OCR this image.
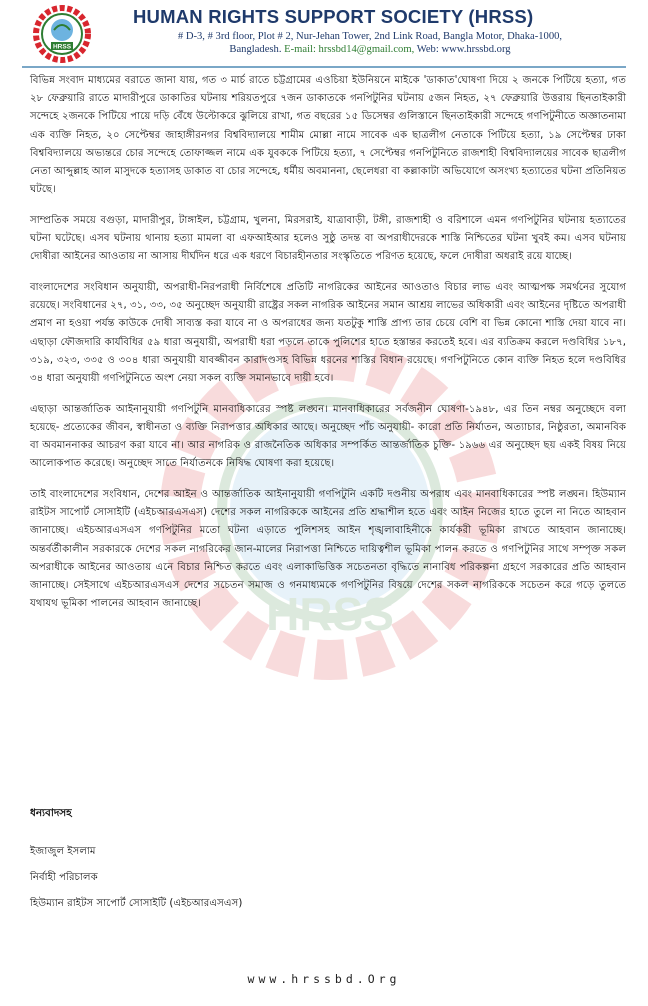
HRSS
HRSS
HUMAN RIGHTS SUPPORT SOCIETY (HRSS)
# D-3, # 3rd floor, Plot # 2, Nur-Jehan Tower, 2nd Link Road, Bangla Motor, Dhaka-1000,
Bangladesh. E-mail: hrssbd14@gmail.com, Web: www.hrssbd.org

বিভিন্ন সংবাদ মাধ্যমের বরাতে জানা যায়, গত ৩ মার্চ রাতে চট্টগ্রামের এওচিয়া ইউনিয়নে মাইকে 'ডাকাত'ঘোষণা দিয়ে ২ জনকে পিটিয়ে হত্যা, গত ২৮ ফেব্রুয়ারি রাতে মাদারীপুরে ডাকাতির ঘটনায় শরিয়তপুরে ৭জন ডাকাতকে গনপিটুনির ঘটনায় ৫জন নিহত, ২৭ ফেব্রুয়ারি উত্তরায় ছিনতাইকারী সন্দেহে ২জনকে পিটিয়ে পায়ে দড়ি বেঁধে উল্টোকরে ঝুলিয়ে রাখা, গত বছরের ১৫ ডিসেম্বর গুলিস্তানে ছিনতাইকারী সন্দেহে গণপিটুনীতে অজ্ঞাতনামা এক ব্যক্তি নিহত, ২০ সেপ্টেম্বর জাহাঙ্গীরনগর বিশ্ববিদ্যালয়ে শামীম মোল্লা নামে সাবেক এক ছাত্রলীগ নেতাকে পিটিয়ে হত্যা, ১৯ সেপ্টেম্বর ঢাকা বিশ্ববিদ্যালয়ে অভ্যন্তরে চোর সন্দেহে তোফাজ্জল নামে এক যুবককে পিটিয়ে হত্যা, ৭ সেপ্টেম্বর গনপিটুনিতে রাজশাহী বিশ্ববিদ্যালয়ের সাবেক ছাত্রলীগ নেতা আব্দুল্লাহ আল মাসুদকে হত্যাসহ ডাকাত বা চোর সন্দেহে, ধর্মীয় অবমাননা, ছেলেধরা বা কল্লাকাটা অভিযোগে অসংখ্য হত্যাতের ঘটনা প্রতিনিয়ত ঘটছে।

সাম্প্রতিক সময়ে বগুড়া, মাদারীপুর, টাঙ্গাইল, চট্টগ্রাম, খুলনা, মিরসরাই, যাত্রাবাড়ী, টঙ্গী, রাজশাহী ও বরিশালে এমন গণপিটুনির ঘটনায় হত্যাতের ঘটনা ঘটেছে। এসব ঘটনায় থানায় হত্যা মামলা বা এফআইআর হলেও সুষ্ঠু তদন্ত বা অপরাধীদেরকে শাস্তি নিশ্চিতের ঘটনা খুবই কম। এসব ঘটনায় দোষীরা আইনের আওতায় না আসায় দীর্ঘদিন ধরে এক ধরণে বিচারহীনতার সংস্কৃতিতে পরিণত হয়েছে, ফলে দোষীরা অধরাই রয়ে যাচ্ছে।

বাংলাদেশের সংবিধান অনুযায়ী, অপরাধী-নিরপরাধী নির্বিশেষে প্রতিটি নাগরিকের আইনের আওতাও বিচার লাভ এবং আত্মপক্ষ সমর্থনের সুযোগ রয়েছে। সংবিধানের ২৭, ৩১, ৩৩, ৩৫ অনুচ্ছেদ অনুযায়ী রাষ্ট্রের সকল নাগরিক আইনের সমান আশ্রয় লাভের অধিকারী এবং আইনের দৃষ্টিতে অপরাধী প্রমাণ না হওয়া পর্যন্ত কাউকে দোষী সাব্যস্ত করা যাবে না ও অপরাধের জন্য যতটুকু শাস্তি প্রাপ্য তার চেয়ে বেশি বা ভিন্ন কোনো শাস্তি দেয়া যাবে না। এছাড়া ফৌজদারি কার্যবিধির ৫৯ ধারা অনুযায়ী, অপরাধী ধরা পড়লে তাকে পুলিশের হাতে হস্তান্তর করতেই হবে। এর ব্যতিক্রম করলে দণ্ডবিধির ১৮৭, ৩১৯, ৩২৩, ৩৩৫ ও ৩০৪ ধারা অনুযায়ী যাবজ্জীবন কারাদণ্ডসহ বিভিন্ন ধরনের শাস্তির বিধান রয়েছে। গণপিটুনিতে কোন ব্যক্তি নিহত হলে দণ্ডবিধির ৩৪ ধারা অনুযায়ী গণপিটুনিতে অংশ নেয়া সকল ব্যক্তি সমানভাবে দায়ী হবে।

এছাড়া আন্তর্জাতিক আইনানুযায়ী গণপিটুনি মানবাধিকারের স্পষ্ট লঙ্ঘন। মানবাধিকারের সর্বজনীন ঘোষণা-১৯৪৮, এর তিন নম্বর অনুচ্ছেদে বলা হয়েছে- প্রত্যেকের জীবন, স্বাধীনতা ও ব্যক্তি নিরাপত্তার অধিকার আছে। অনুচ্ছেদ পাঁচ অনুযায়ী- কারো প্রতি নির্যাতন, অত্যাচার, নিষ্ঠুরতা, অমানবিক বা অবমাননাকর আচরণ করা যাবে না। আর নাগরিক ও রাজনৈতিক অধিকার সম্পর্কিত আন্তর্জাতিক চুক্তি- ১৯৬৬ এর অনুচ্ছেদ ছয় একই বিষয় নিয়ে আলোকপাত করেছে। অনুচ্ছেদ সাতে নির্যাতনকে নিষিদ্ধ ঘোষণা করা হয়েছে।

তাই বাংলাদেশের সংবিধান, দেশের আইন ও আন্তর্জাতিক আইনানুযায়ী গণপিটুনি একটি দণ্ডনীয় অপরাধ এবং মানবাধিকারের স্পষ্ট লঙ্ঘন। হিউম্যান রাইটস সাপোর্ট সোসাইটি (এইচআরএসএস) দেশের সকল নাগরিককে আইনের প্রতি শ্রদ্ধাশীল হতে এবং আইন নিজের হাতে তুলে না নিতে আহবান জানাচ্ছে। এইচআরএসএস গণপিটুনির মতো ঘটনা এড়াতে পুলিশসহ আইন শৃঙ্খলাবাহিনীকে কার্যকরী ভূমিকা রাখতে আহবান জানাচ্ছে। অন্তর্বর্তীকালীন সরকারকে দেশের সকল নাগরিকের জান-মালের নিরাপত্তা নিশ্চিতে দায়িত্বশীল ভূমিকা পালন করতে ও গণপিটুনির সাথে সম্পৃক্ত সকল অপরাধীকে আইনের আওতায় এনে বিচার নিশ্চিত করতে এবং এলাকাভিত্তিক সচেতনতা বৃদ্ধিতে নানাবিধ পরিকল্পনা গ্রহণে সরকারের প্রতি আহবান জানাচ্ছে। সেইসাথে এইচআরএসএস দেশের সচেতন সমাজ ও গনমাধ্যমকে গণপিটুনির বিষয়ে দেশের সকল নাগরিককে সচেতন করে গড়ে তুলতে যথাযথ ভূমিকা পালনের আহবান জানাচ্ছে।

ধন্যবাদসহ
ইজাজুল ইসলাম
নির্বাহী পরিচালক
হিউম্যান রাইটস সাপোর্ট সোসাইটি (এইচআরএসএস)
www.hrssbd.Org
